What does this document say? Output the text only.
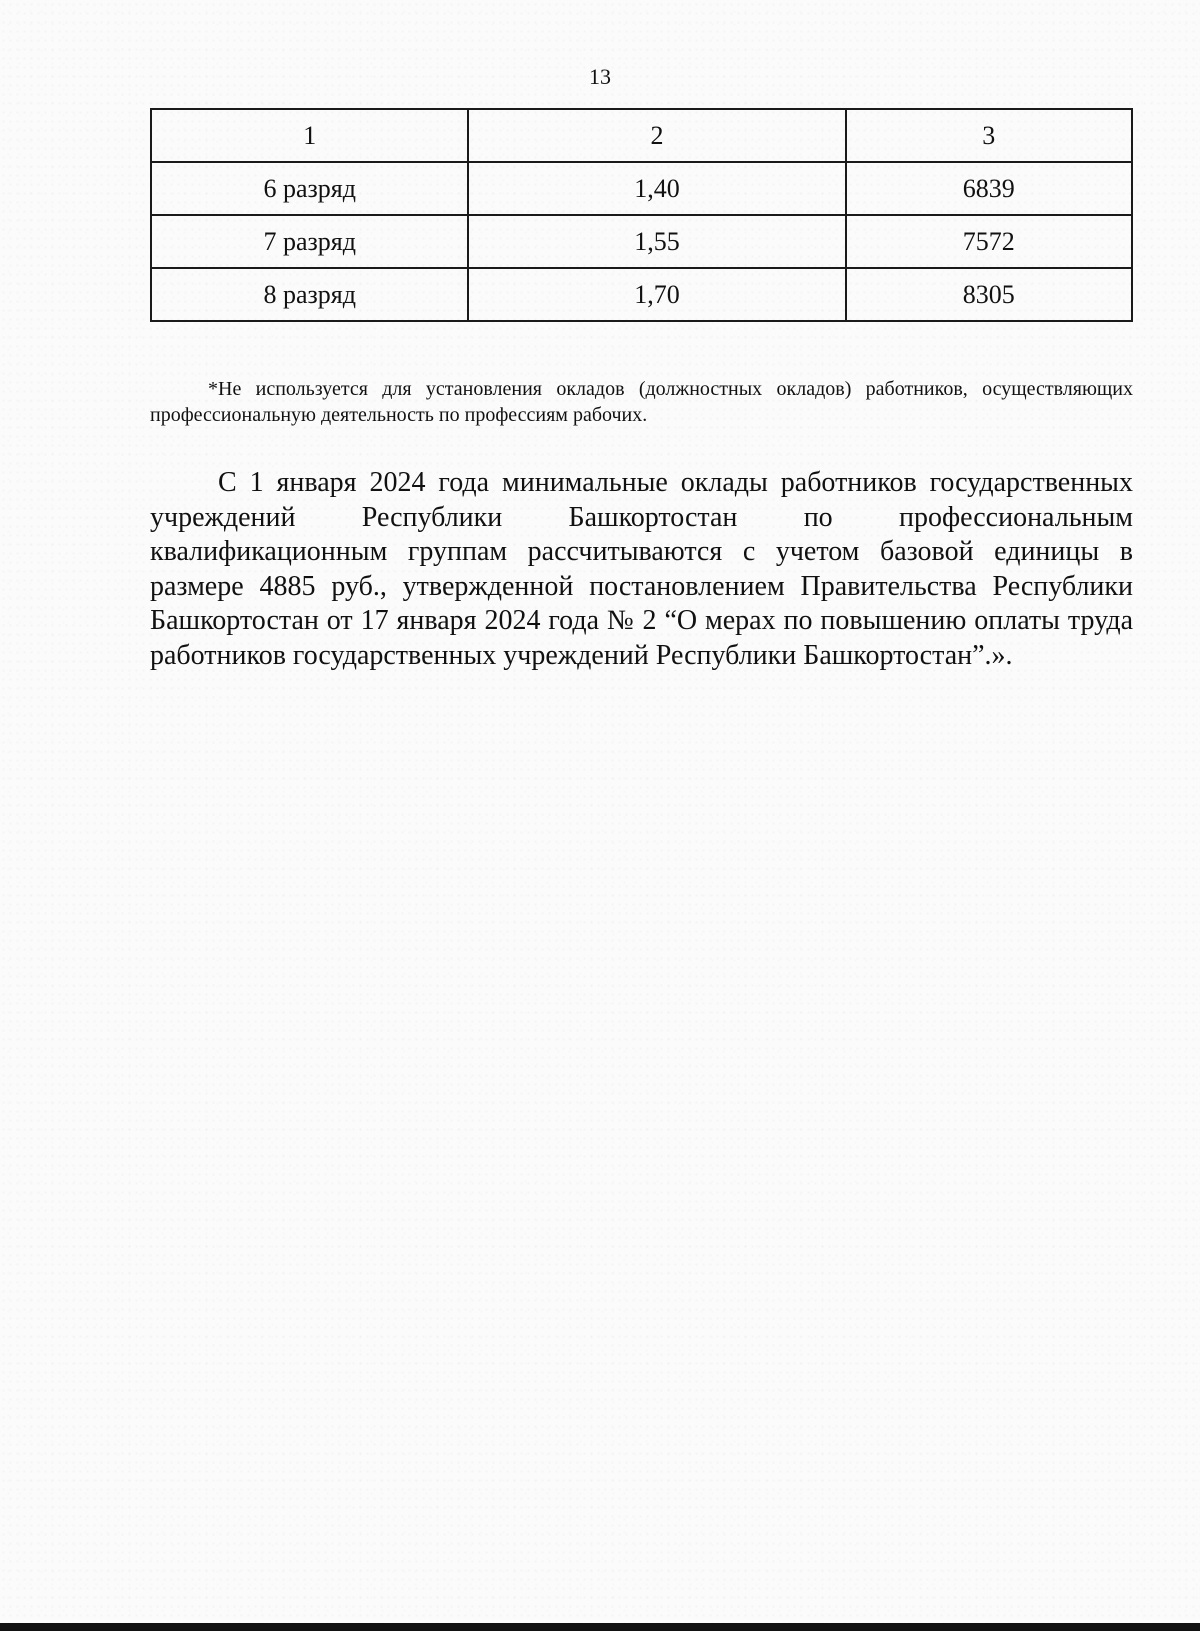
13
1	2	3
6 разряд	1,40	6839
7 разряд	1,55	7572
8 разряд	1,70	8305

*Не используется для установления окладов (должностных окладов) работников, осуществляющих профессиональную деятельность по профессиям рабочих.

С 1 января 2024 года минимальные оклады работников государственных учреждений Республики Башкортостан по профессиональным квалификационным группам рассчитываются с учетом базовой единицы в размере 4885 руб., утвержденной постановлением Правительства Республики Башкортостан от 17 января 2024 года № 2 “О мерах по повышению оплаты труда работников государственных учреждений Республики Башкортостан”.».
